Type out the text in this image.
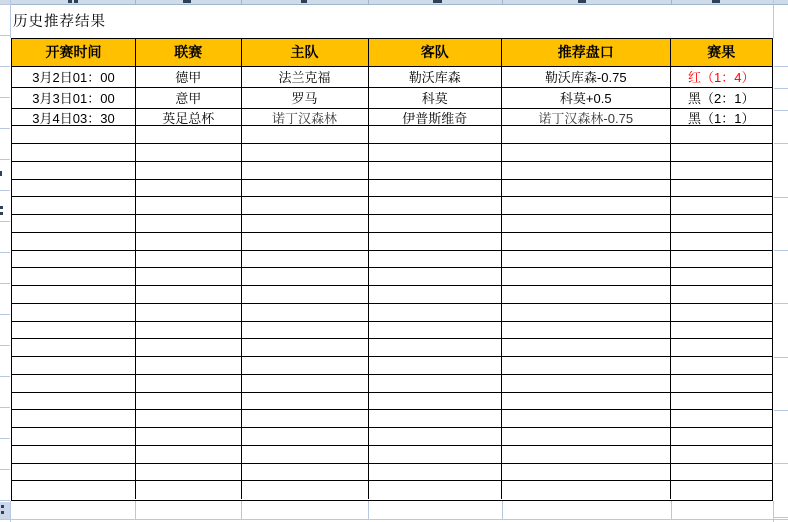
历史推荐结果
开赛时间	联赛	主队	客队	推荐盘口	赛果
3月2日01：00	德甲	法兰克福	勒沃库森	勒沃库森-0.75	红（1：4）
3月3日01：00	意甲	罗马	科莫	科莫+0.5	黑（2：1）
3月4日03：30	英足总杯	诺丁汉森林	伊普斯维奇	诺丁汉森林-0.75	黑（1：1）
